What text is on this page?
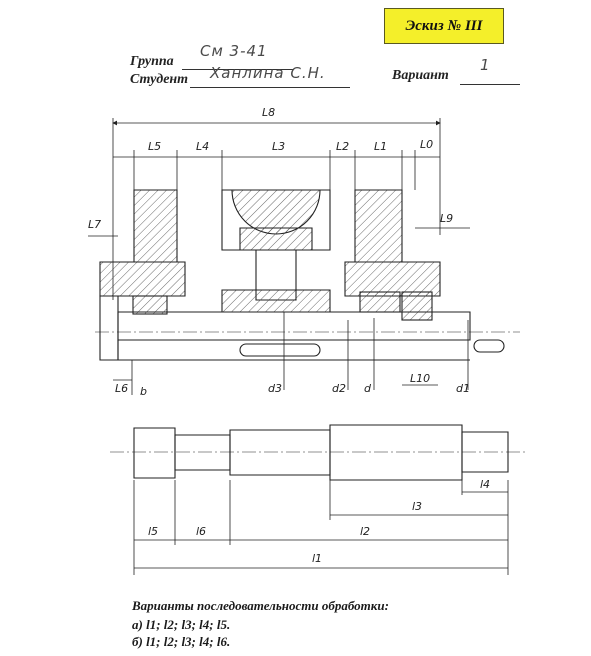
Эскиз № III
Группа
См 3-41
Студент Ханлина С.Н.	Вариант
1
L8
L5	L4	L3	L2 L1	L0
L7	L9
L6 b	d3	d2 d
L10
d1
l4
l3
l2
l5	l6
l1
Варианты последовательности обработки:
а) l1; l2; l3; l4; l5.
б) l1; l2; l3; l4; l6.
